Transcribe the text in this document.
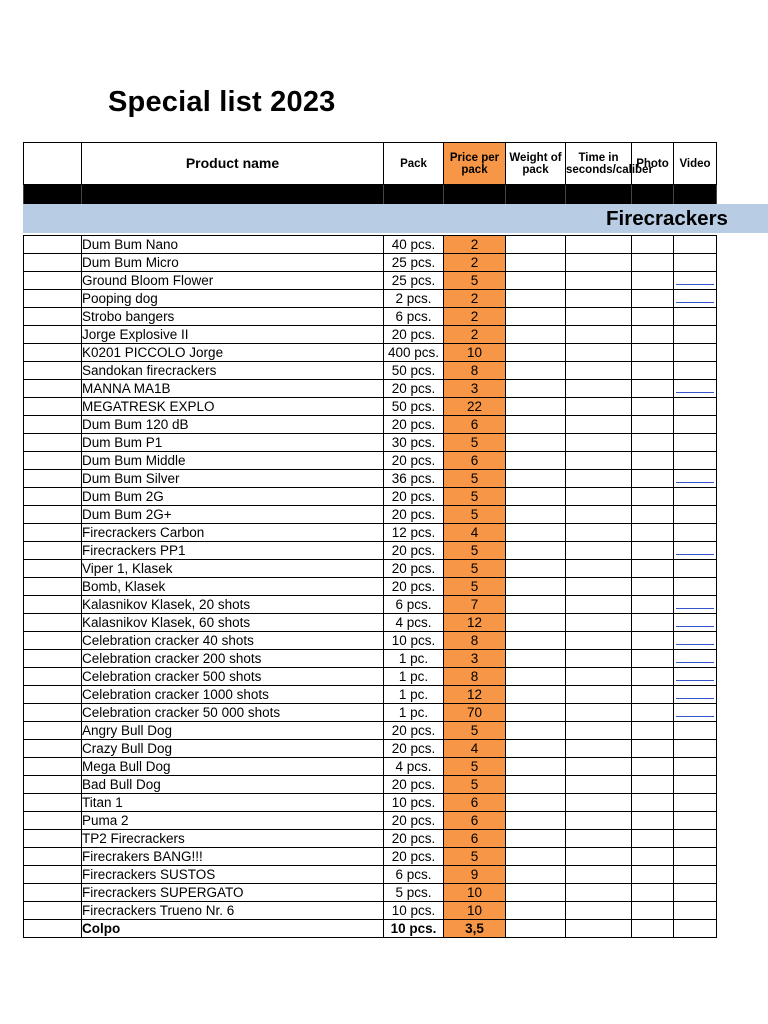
Special list 2023
	Product name	Pack	Price per pack	Weight of pack	Time in seconds/caliber	Photo	Video

	Dum Bum Nano	40 pcs.	2				
	Dum Bum Micro	25 pcs.	2				
	Ground Bloom Flower	25 pcs.	5				

	Pooping dog	2 pcs.	2				

	Strobo bangers	6 pcs.	2				
	Jorge Explosive II	20 pcs.	2				
	K0201 PICCOLO Jorge	400 pcs.	10				
	Sandokan firecrackers	50 pcs.	8				
	MANNA MA1B	20 pcs.	3				

	MEGATRESK EXPLO	50 pcs.	22				
	Dum Bum 120 dB	20 pcs.	6				
	Dum Bum P1	30 pcs.	5				
	Dum Bum Middle	20 pcs.	6				
	Dum Bum Silver	36 pcs.	5				

	Dum Bum 2G	20 pcs.	5				
	Dum Bum 2G+	20 pcs.	5				
	Firecrackers Carbon	12 pcs.	4				
	Firecrackers PP1	20 pcs.	5				

	Viper 1, Klasek	20 pcs.	5				
	Bomb, Klasek	20 pcs.	5				
	Kalasnikov Klasek, 20 shots	6 pcs.	7				

	Kalasnikov Klasek, 60 shots	4 pcs.	12				

	Celebration cracker 40 shots	10 pcs.	8				

	Celebration cracker 200 shots	1 pc.	3				

	Celebration cracker 500 shots	1 pc.	8				

	Celebration cracker 1000 shots	1 pc.	12				

	Celebration cracker 50 000 shots	1 pc.	70				

	Angry Bull Dog	20 pcs.	5				
	Crazy Bull Dog	20 pcs.	4				
	Mega Bull Dog	4 pcs.	5				
	Bad Bull Dog	20 pcs.	5				
	Titan 1	10 pcs.	6				
	Puma 2	20 pcs.	6				
	TP2 Firecrackers	20 pcs.	6				
	Firecrakers BANG!!!	20 pcs.	5				
	Firecrackers SUSTOS	6 pcs.	9				
	Firecrackers SUPERGATO	5 pcs.	10				
	Firecrackers Trueno Nr. 6	10 pcs.	10				
	Colpo	10 pcs.	3,5				
Firecrackers
